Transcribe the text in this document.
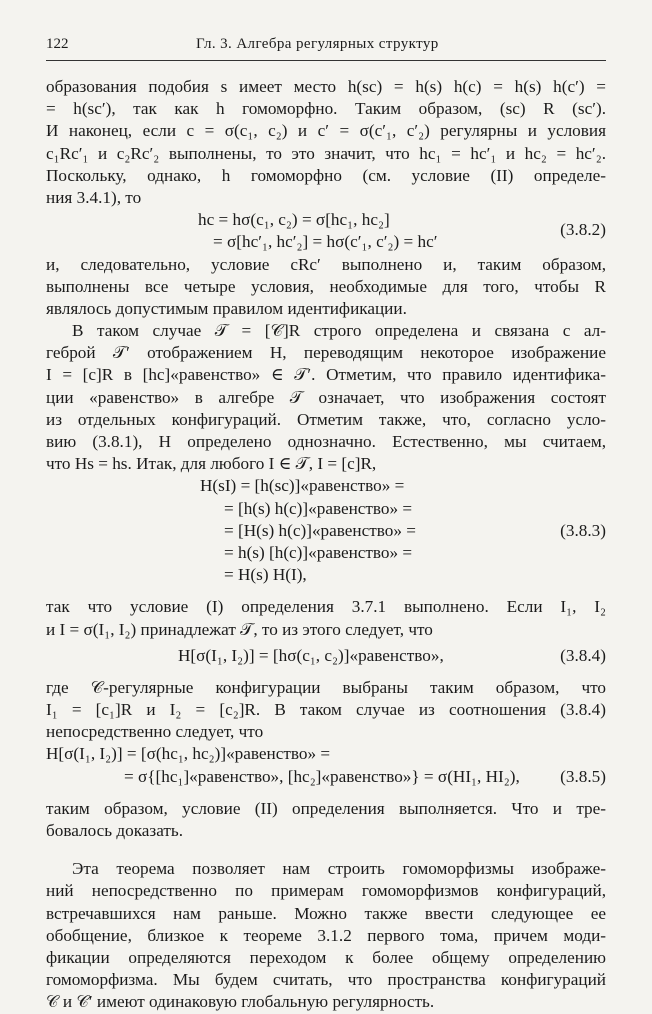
122	Гл. 3. Алгебра регулярных структур
образования подобия s имеет место h(sc) = h(s) h(c) = h(s) h(c′) =
= h(sc′), так как h гомоморфно. Таким образом, (sc) R (sc′).
И наконец, если c = σ(c₁, c₂) и c′ = σ(c′₁, c′₂) регулярны и условия
c₁Rc′₁ и c₂Rc′₂ выполнены, то это значит, что hc₁ = hc′₁ и hc₂ = hc′₂.
Поскольку, однако, h гомоморфно (см. условие (II) определе-
ния 3.4.1), то
hc = hσ(c₁, c₂) = σ[hc₁, hc₂]
(3.8.2)
= σ[hc′₁, hc′₂] = hσ(c′₁, c′₂) = hc′
и, следовательно, условие cRc′ выполнено и, таким образом,
выполнены все четыре условия, необходимые для того, чтобы R
являлось допустимым правилом идентификации.
В таком случае 𝒯 = [𝒞]R строго определена и связана с ал-
геброй 𝒯′ отображением H, переводящим некоторое изображение
I = [c]R в [hc]«равенство» ∈ 𝒯′. Отметим, что правило идентифика-
ции «равенство» в алгебре 𝒯 означает, что изображения состоят
из отдельных конфигураций. Отметим также, что, согласно усло-
вию (3.8.1), H определено однозначно. Естественно, мы считаем,
что Hs = hs. Итак, для любого I ∈ 𝒯, I = [c]R,
H(sI) = [h(sc)]«равенство» =
= [h(s) h(c)]«равенство» =
= [H(s) h(c)]«равенство» =	(3.8.3)
= h(s) [h(c)]«равенство» =
= H(s) H(I),
так что условие (I) определения 3.7.1 выполнено. Если I₁, I₂
и I = σ(I₁, I₂) принадлежат 𝒯, то из этого следует, что
H[σ(I₁, I₂)] = [hσ(c₁, c₂)]«равенство»,	(3.8.4)
где 𝒞-регулярные конфигурации выбраны таким образом, что
I₁ = [c₁]R и I₂ = [c₂]R. В таком случае из соотношения (3.8.4)
непосредственно следует, что
H[σ(I₁, I₂)] = [σ(hc₁, hc₂)]«равенство» =
= σ{[hc₁]«равенство», [hc₂]«равенство»} = σ(HI₁, HI₂), (3.8.5)
таким образом, условие (II) определения выполняется. Что и тре-
бовалось доказать.
Эта теорема позволяет нам строить гомоморфизмы изображе-
ний непосредственно по примерам гомоморфизмов конфигураций,
встречавшихся нам раньше. Можно также ввести следующее ее
обобщение, близкое к теореме 3.1.2 первого тома, причем моди-
фикации определяются переходом к более общему определению
гомоморфизма. Мы будем считать, что пространства конфигураций
𝒞 и 𝒞′ имеют одинаковую глобальную регулярность.
